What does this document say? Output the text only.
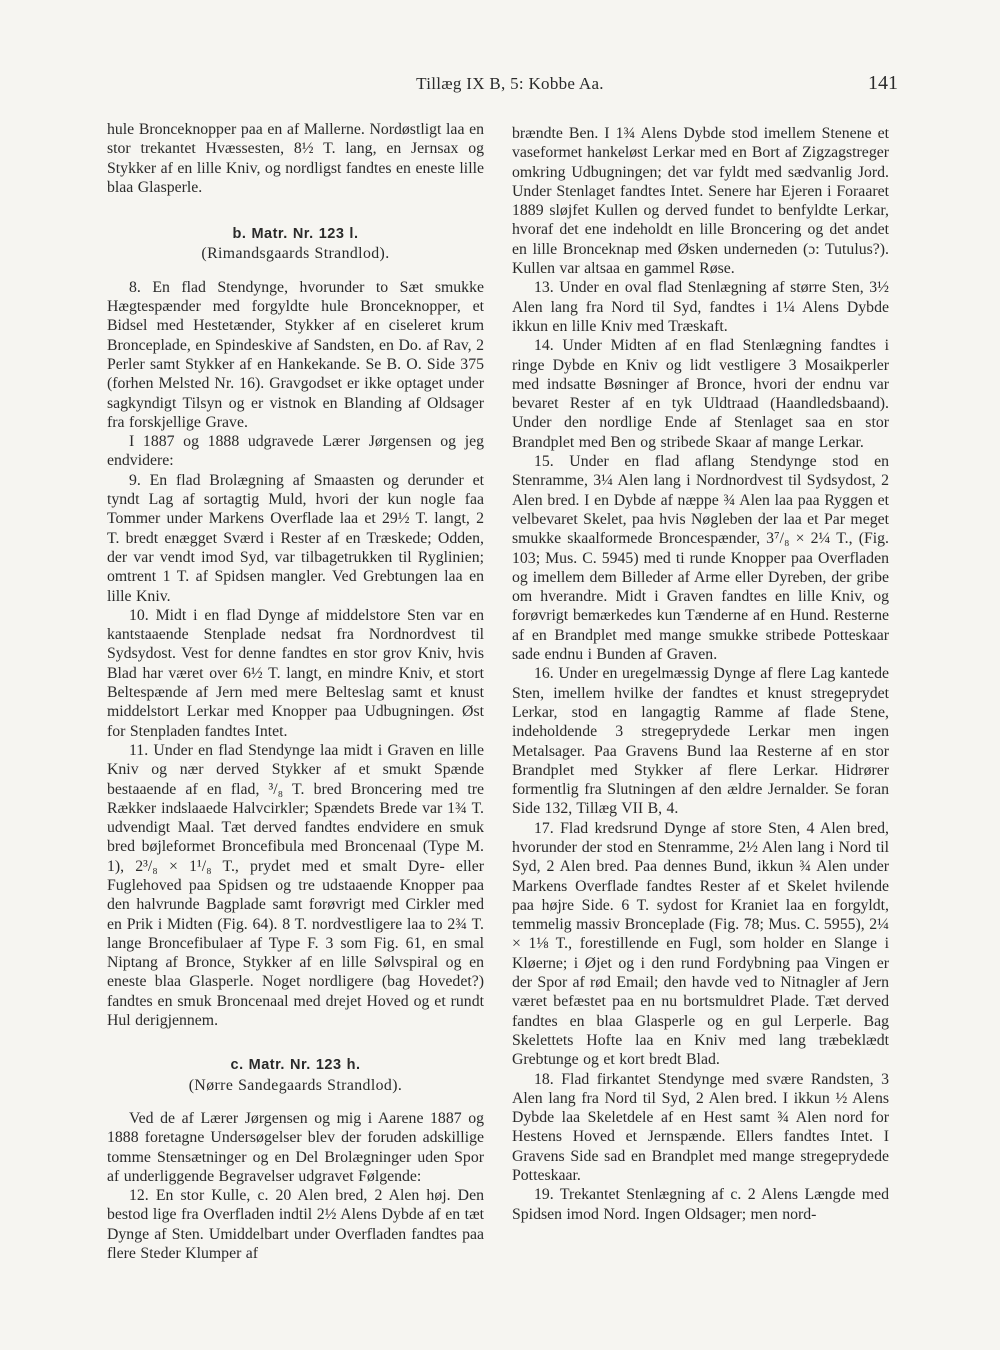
Tillæg IX B, 5: Kobbe Aa.	141

hule Bronceknopper paa en af Mallerne. Nordøstligt laa en stor trekantet Hvæssesten, 8½ T. lang, en Jernsax og Stykker af en lille Kniv, og nordligst fandtes en eneste lille blaa Glasperle.

b. Matr. Nr. 123 l.

(Rimandsgaards Strandlod).

8. En flad Stendynge, hvorunder to Sæt smukke Hægtespænder med forgyldte hule Bronceknopper, et Bidsel med Hestetænder, Stykker af en ciseleret krum Bronceplade, en Spindeskive af Sandsten, en Do. af Rav, 2 Perler samt Stykker af en Hankekande. Se B. O. Side 375 (forhen Melsted Nr. 16). Gravgodset er ikke optaget under sagkyndigt Tilsyn og er vistnok en Blanding af Oldsager fra forskjellige Grave.

I 1887 og 1888 udgravede Lærer Jørgensen og jeg endvidere:

9. En flad Brolægning af Smaasten og derunder et tyndt Lag af sortagtig Muld, hvori der kun nogle faa Tommer under Markens Overflade laa et 29½ T. langt, 2 T. bredt enægget Sværd i Rester af en Træskede; Odden, der var vendt imod Syd, var tilbagetrukken til Ryglinien; omtrent 1 T. af Spidsen mangler. Ved Grebtungen laa en lille Kniv.

10. Midt i en flad Dynge af middelstore Sten var en kantstaaende Stenplade nedsat fra Nordnordvest til Sydsydost. Vest for denne fandtes en stor grov Kniv, hvis Blad har været over 6½ T. langt, en mindre Kniv, et stort Beltespænde af Jern med mere Belteslag samt et knust middelstort Lerkar med Knopper paa Udbugningen. Øst for Stenpladen fandtes Intet.

11. Under en flad Stendynge laa midt i Graven en lille Kniv og nær derved Stykker af et smukt Spænde bestaaende af en flad, ³/₈ T. bred Broncering med tre Rækker indslaaede Halvcirkler; Spændets Brede var 1¾ T. udvendigt Maal. Tæt derved fandtes endvidere en smuk bred bøjleformet Broncefibula med Broncenaal (Type M. 1), 2³/₈ × 1¹/₈ T., prydet med et smalt Dyre- eller Fuglehoved paa Spidsen og tre udstaaende Knopper paa den halvrunde Bagplade samt forøvrigt med Cirkler med en Prik i Midten (Fig. 64). 8 T. nordvestligere laa to 2¾ T. lange Broncefibulaer af Type F. 3 som Fig. 61, en smal Niptang af Bronce, Stykker af en lille Sølvspiral og en eneste blaa Glasperle. Noget nordligere (bag Hovedet?) fandtes en smuk Broncenaal med drejet Hoved og et rundt Hul derigjennem.

c. Matr. Nr. 123 h.

(Nørre Sandegaards Strandlod).

Ved de af Lærer Jørgensen og mig i Aarene 1887 og 1888 foretagne Undersøgelser blev der foruden adskillige tomme Stensætninger og en Del Brolægninger uden Spor af underliggende Begravelser udgravet Følgende:

12. En stor Kulle, c. 20 Alen bred, 2 Alen høj. Den bestod lige fra Overfladen indtil 2½ Alens Dybde af en tæt Dynge af Sten. Umiddelbart under Overfladen fandtes paa flere Steder Klumper af

brændte Ben. I 1¾ Alens Dybde stod imellem Stenene et vaseformet hankeløst Lerkar med en Bort af Zigzagstreger omkring Udbugningen; det var fyldt med sædvanlig Jord. Under Stenlaget fandtes Intet. Senere har Ejeren i Foraaret 1889 sløjfet Kullen og derved fundet to benfyldte Lerkar, hvoraf det ene indeholdt en lille Broncering og det andet en lille Bronceknap med Øsken underneden (ɔ: Tutulus?). Kullen var altsaa en gammel Røse.

13. Under en oval flad Stenlægning af større Sten, 3½ Alen lang fra Nord til Syd, fandtes i 1¼ Alens Dybde ikkun en lille Kniv med Træskaft.

14. Under Midten af en flad Stenlægning fandtes i ringe Dybde en Kniv og lidt vestligere 3 Mosaikperler med indsatte Bøsninger af Bronce, hvori der endnu var bevaret Rester af en tyk Uldtraad (Haandledsbaand). Under den nordlige Ende af Stenlaget saa en stor Brandplet med Ben og stribede Skaar af mange Lerkar.

15. Under en flad aflang Stendynge stod en Stenramme, 3¼ Alen lang i Nordnordvest til Sydsydost, 2 Alen bred. I en Dybde af næppe ¾ Alen laa paa Ryggen et velbevaret Skelet, paa hvis Nøgleben der laa et Par meget smukke skaalformede Broncespænder, 3⁷/₈ × 2¼ T., (Fig. 103; Mus. C. 5945) med ti runde Knopper paa Overfladen og imellem dem Billeder af Arme eller Dyreben, der gribe om hverandre. Midt i Graven fandtes en lille Kniv, og forøvrigt bemærkedes kun Tænderne af en Hund. Resterne af en Brandplet med mange smukke stribede Potteskaar sade endnu i Bunden af Graven.

16. Under en uregelmæssig Dynge af flere Lag kantede Sten, imellem hvilke der fandtes et knust stregeprydet Lerkar, stod en langagtig Ramme af flade Stene, indeholdende 3 stregeprydede Lerkar men ingen Metalsager. Paa Gravens Bund laa Resterne af en stor Brandplet med Stykker af flere Lerkar. Hidrører formentlig fra Slutningen af den ældre Jernalder. Se foran Side 132, Tillæg VII B, 4.

17. Flad kredsrund Dynge af store Sten, 4 Alen bred, hvorunder der stod en Stenramme, 2½ Alen lang i Nord til Syd, 2 Alen bred. Paa dennes Bund, ikkun ¾ Alen under Markens Overflade fandtes Rester af et Skelet hvilende paa højre Side. 6 T. sydost for Kraniet laa en forgyldt, temmelig massiv Bronceplade (Fig. 78; Mus. C. 5955), 2¼ × 1⅛ T., forestillende en Fugl, som holder en Slange i Kløerne; i Øjet og i den rund Fordybning paa Vingen er der Spor af rød Email; den havde ved to Nitnagler af Jern været befæstet paa en nu bortsmuldret Plade. Tæt derved fandtes en blaa Glasperle og en gul Lerperle. Bag Skelettets Hofte laa en Kniv med lang træbeklædt Grebtunge og et kort bredt Blad.

18. Flad firkantet Stendynge med svære Randsten, 3 Alen lang fra Nord til Syd, 2 Alen bred. I ikkun ½ Alens Dybde laa Skeletdele af en Hest samt ¾ Alen nord for Hestens Hoved et Jernspænde. Ellers fandtes Intet. I Gravens Side sad en Brandplet med mange stregeprydede Potteskaar.

19. Trekantet Stenlægning af c. 2 Alens Længde med Spidsen imod Nord. Ingen Oldsager; men nord-
